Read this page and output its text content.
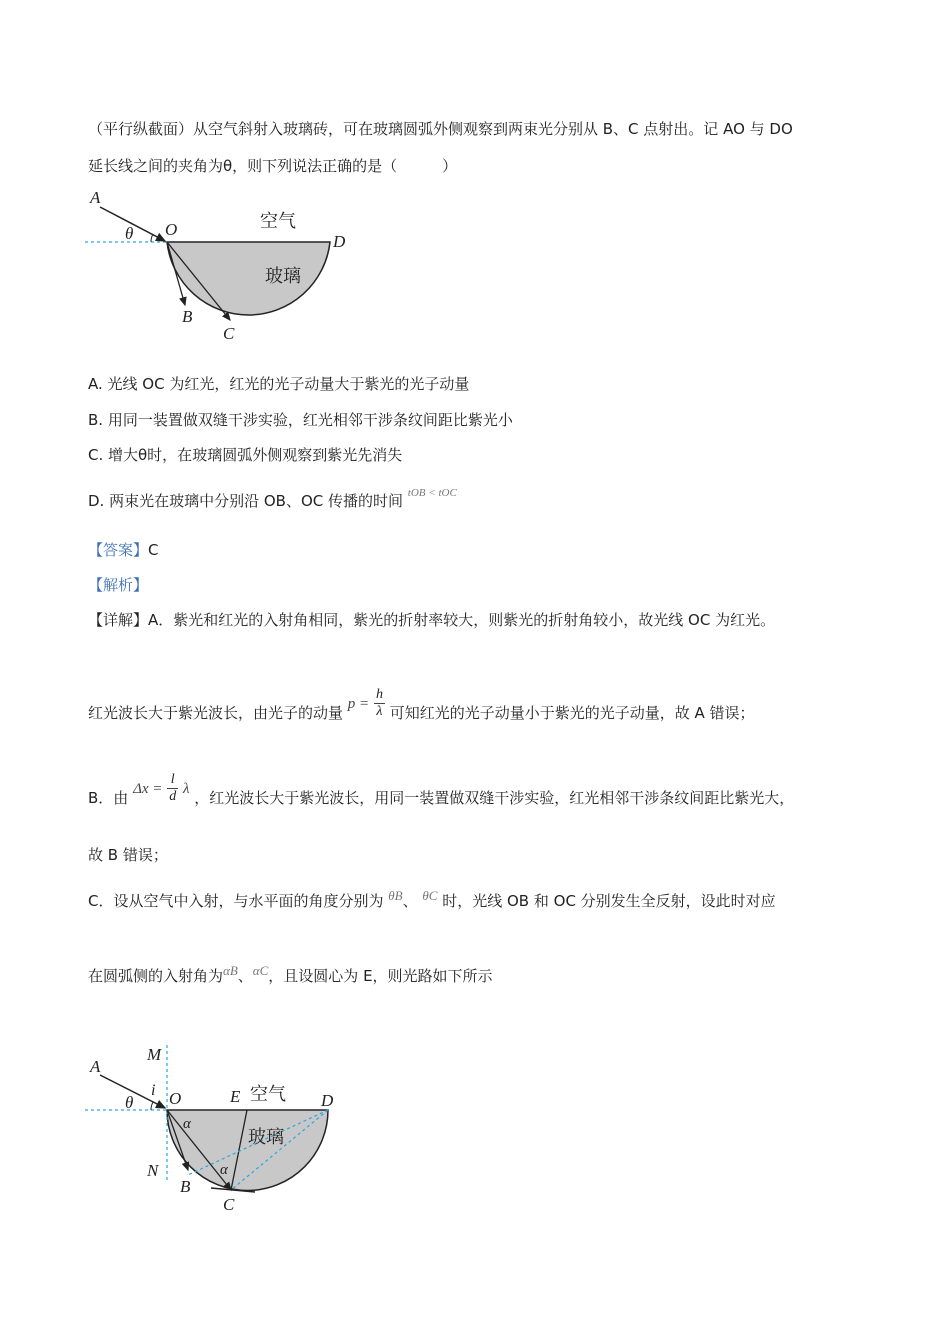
（平行纵截面）从空气斜射入玻璃砖，可在玻璃圆弧外侧观察到两束光分别从 B、C 点射出。记 AO 与 DO
延长线之间的夹角为θ，则下列说法正确的是（　　　）
A
θ O	空气
D
玻璃
B
C
A. 光线 OC 为红光，红光的光子动量大于紫光的光子动量
B. 用同一装置做双缝干涉实验，红光相邻干涉条纹间距比紫光小
C. 增大θ时，在玻璃圆弧外侧观察到紫光先消失
D. 两束光在玻璃中分别沿 OB、OC 传播的时间 $^{tOB < tOC}$
【答案】C
【解析】
【详解】A．紫光和红光的入射角相同，紫光的折射率较大，则紫光的折射角较小，故光线 OC 为红光。
红光波长大于紫光波长，由光子的动量 $p = \frac{h}{\lambda}$ 可知红光的光子动量小于紫光的光子动量，故 A 错误；
B．由 $\Delta x = \frac{l}{d}$ λ ，红光波长大于紫光波长，用同一装置做双缝干涉实验，红光相邻干涉条纹间距比紫光大，
故 B 错误；
C．设从空气中入射，与水平面的角度分别为 θB、 θC 时，光线 OB 和 OC 分别发生全反射，设此时对应
在圆弧侧的入射角为αB、αC，且设圆心为 E，则光路如下所示
M
A
i
θ O	E 空气 D
α
玻璃
N	α
B
C
